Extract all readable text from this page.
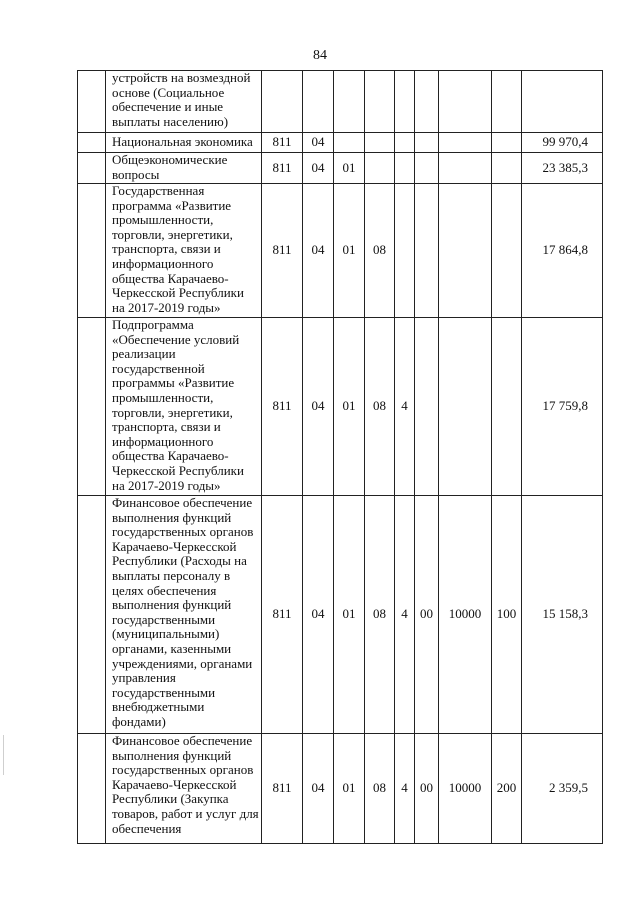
84
	устройств на возмездной основе (Социальное обеспечение и иные выплаты населению)									
	Национальная экономика	811	04							99 970,4
	Общеэкономические вопросы	811	04	01						23 385,3
	Государственная программа «Развитие промышленности, торговли, энергетики, транспорта, связи и информационного общества Карачаево-Черкесской Республики на 2017-2019 годы»	811	04	01	08					17 864,8
	Подпрограмма «Обеспечение условий реализации государственной программы «Развитие промышленности, торговли, энергетики, транспорта, связи и информационного общества Карачаево-Черкесской Республики на 2017-2019 годы»	811	04	01	08	4				17 759,8
	Финансовое обеспечение выполнения функций государственных органов Карачаево-Черкесской Республики (Расходы на выплаты персоналу в целях обеспечения выполнения функций государственными (муниципальными) органами, казенными учреждениями, органами управления государственными внебюджетными фондами)	811	04	01	08	4	00	10000	100	15 158,3
	Финансовое обеспечение выполнения функций государственных органов Карачаево-Черкесской Республики (Закупка товаров, работ и услуг для обеспечения	811	04	01	08	4	00	10000	200	2 359,5
